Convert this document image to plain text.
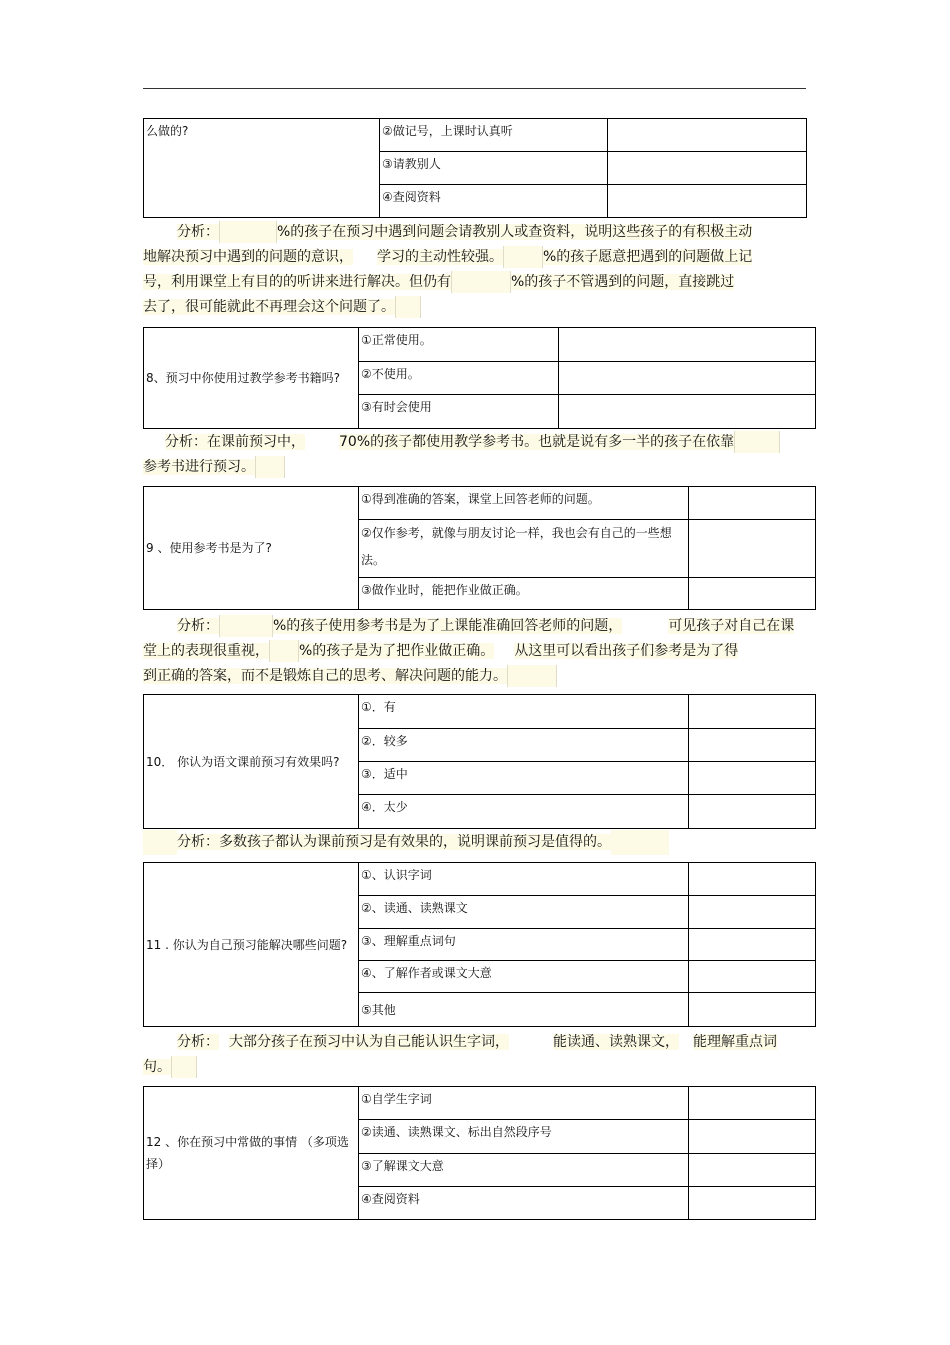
么做的?	②做记号，上课时认真听	
	③请教别人	
	④查阅资料	
分析：	%的孩子在预习中遇到问题会请教别人或查资料，说明这些孩子的有积极主动
地解决预习中遇到的问题的意识， 学习的主动性较强。	%的孩子愿意把遇到的问题做上记
号，利用课堂上有目的的听讲来进行解决。但仍有	%的孩子不管遇到的问题，直接跳过
去了，很可能就此不再理会这个问题了。
8、预习中你使用过教学参考书籍吗?	①正常使用。	
	②不使用。	
	③有时会使用	
分析：在课前预习中， 70%的孩子都使用教学参考书。也就是说有多一半的孩子在依靠
参考书进行预习。
9 、使用参考书是为了?	①得到准确的答案，课堂上回答老师的问题。	
	②仅作参考，就像与朋友讨论一样，我也会有自己的一些想法。	
	③做作业时，能把作业做正确。	
分析：	%的孩子使用参考书是为了上课能准确回答老师的问题，	可见孩子对自己在课
堂上的表现很重视， %的孩子是为了把作业做正确。 从这里可以看出孩子们参考是为了得
到正确的答案，而不是锻炼自己的思考、解决问题的能力。
10． 你认为语文课前预习有效果吗?	①．有	
	②．较多	
	③．适中	
	④．太少	
分析：多数孩子都认为课前预习是有效果的，说明课前预习是值得的。
11 . 你认为自己预习能解决哪些问题?	①、认识字词	
	②、读通、读熟课文	
	③、理解重点词句	
	④、了解作者或课文大意	
	⑤其他	
分析： 大部分孩子在预习中认为自己能认识生字词，	能读通、读熟课文， 能理解重点词
句。
12 、你在预习中常做的事情 （多项选择）	①自学生字词	
	②读通、读熟课文、标出自然段序号	
	③了解课文大意	
	④查阅资料	
